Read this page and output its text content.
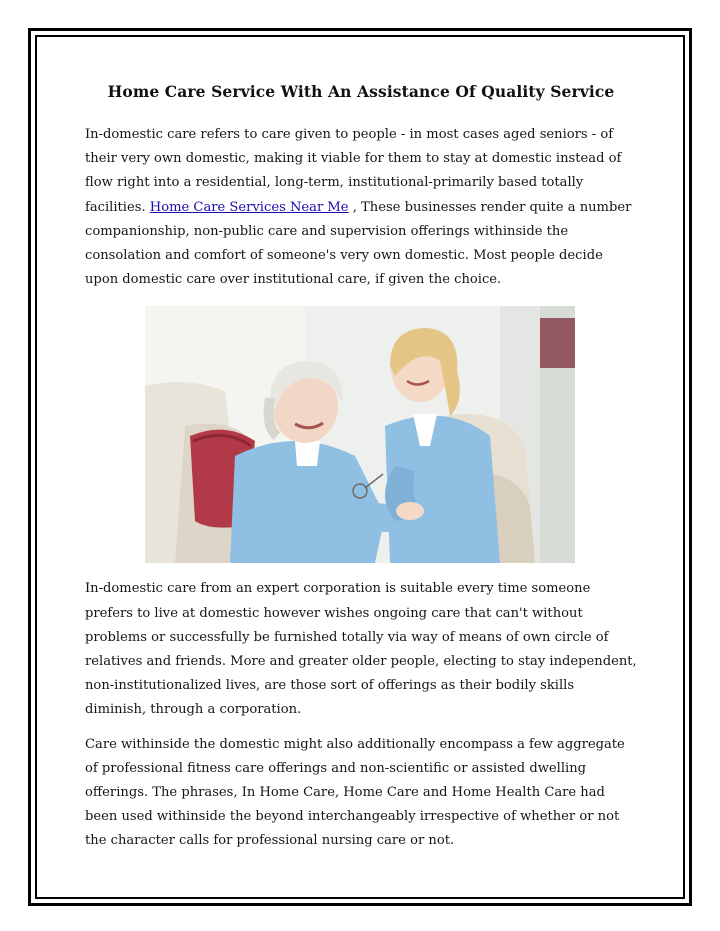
Home Care Service With An Assistance Of Quality Service

In-domestic care refers to care given to people - in most cases aged seniors - of their very own domestic, making it viable for them to stay at domestic instead of flow right into a residential, long-term, institutional-primarily based totally facilities. Home Care Services Near Me , These businesses render quite a number companionship, non-public care and supervision offerings withinside the consolation and comfort of someone's very own domestic. Most people decide upon domestic care over institutional care, if given the choice.

In-domestic care from an expert corporation is suitable every time someone prefers to live at domestic however wishes ongoing care that can't without problems or successfully be furnished totally via way of means of own circle of relatives and friends. More and greater older people, electing to stay independent, non-institutionalized lives, are those sort of offerings as their bodily skills diminish, through a corporation.

Care withinside the domestic might also additionally encompass a few aggregate of professional fitness care offerings and non-scientific or assisted dwelling offerings. The phrases, In Home Care, Home Care and Home Health Care had been used withinside the beyond interchangeably irrespective of whether or not the character calls for professional nursing care or not.
